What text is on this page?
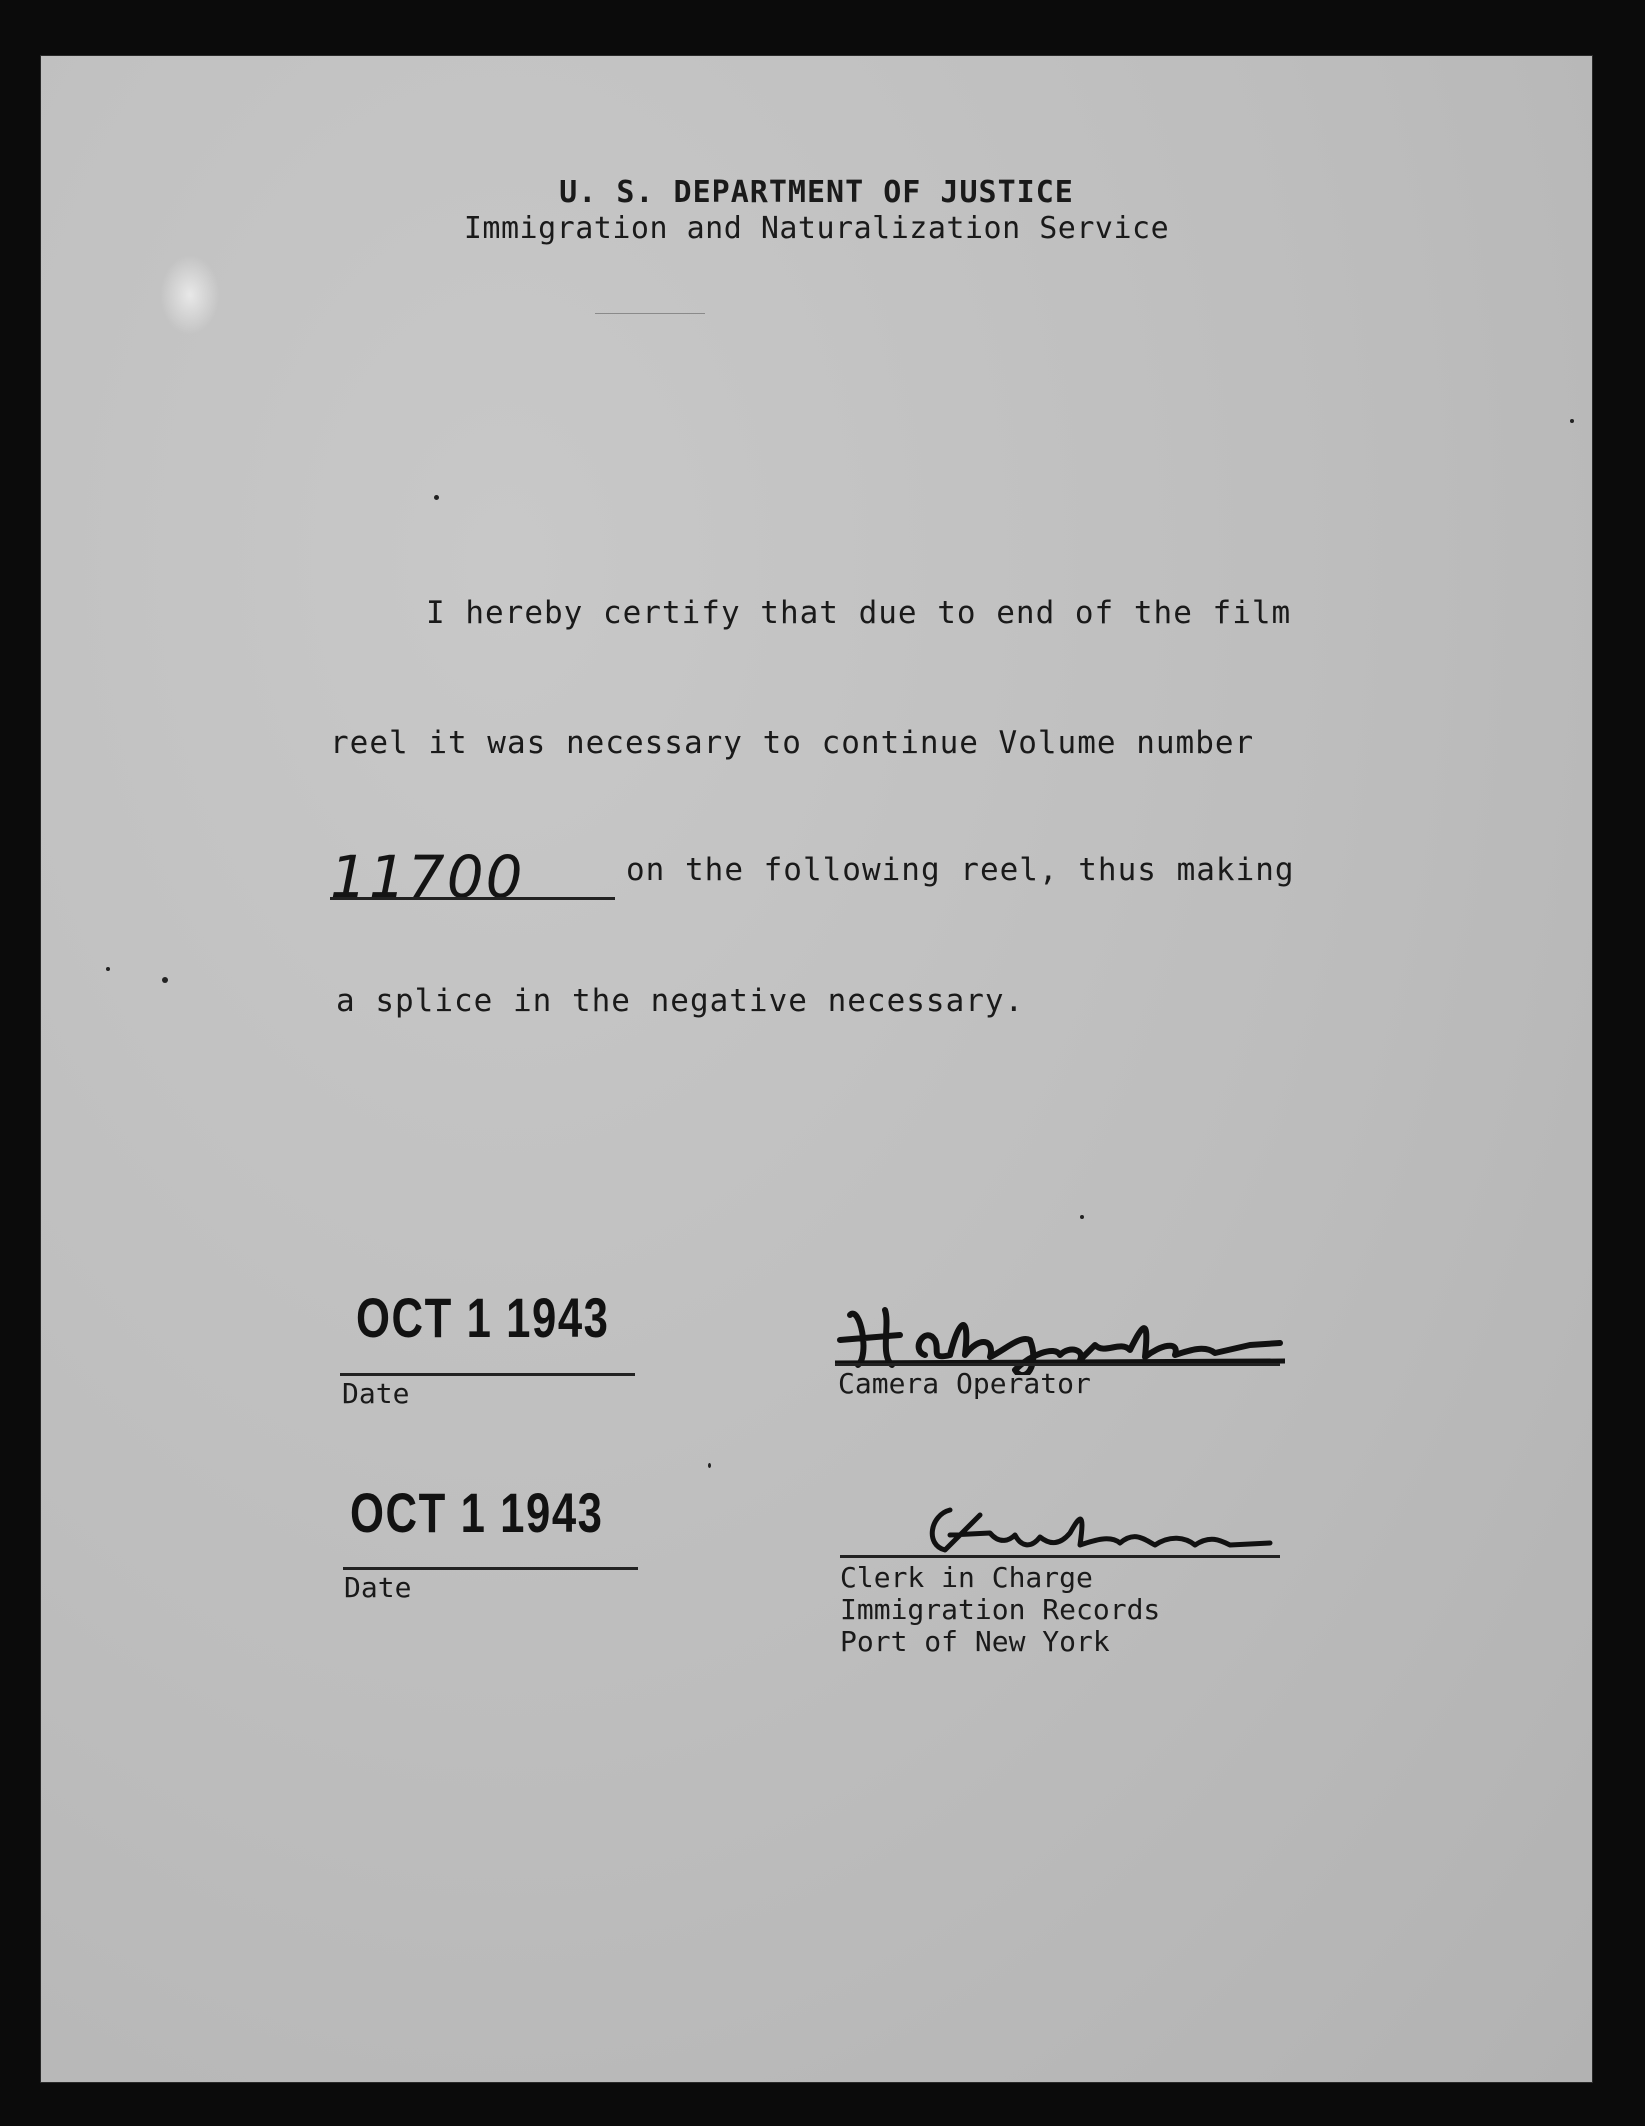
U. S. DEPARTMENT OF JUSTICE
Immigration and Naturalization Service
I hereby certify that due to end of the film
reel it was necessary to continue Volume number
11700	on the following reel, thus making
a splice in the negative necessary.
OCT 1 1943
Date	Camera Operator
OCT 1 1943
Date	Clerk in Charge
Immigration Records
Port of New York
